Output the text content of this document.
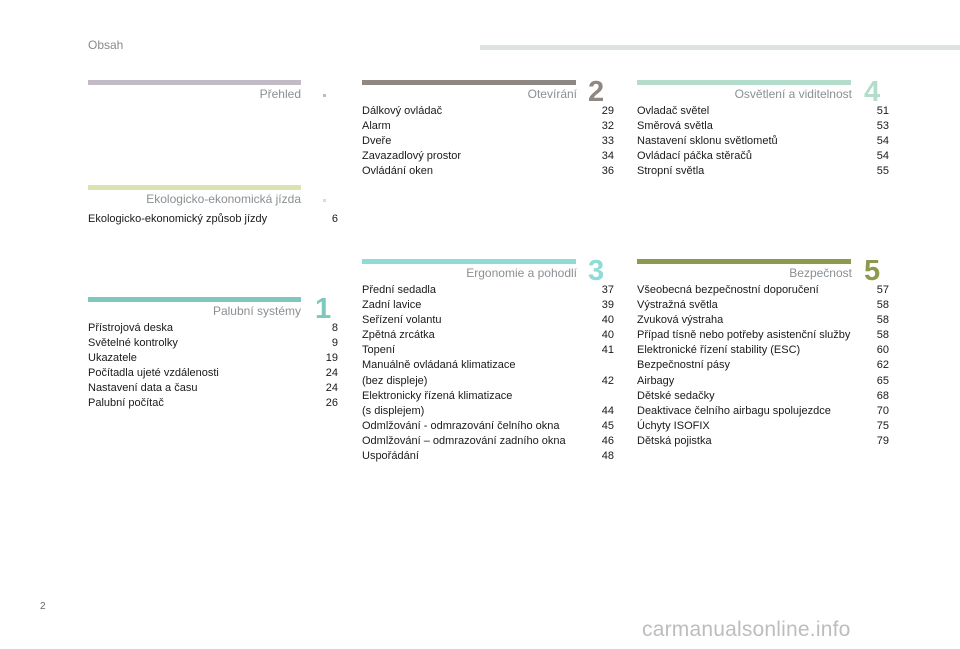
Obsah
Přehled
Ekologicko-ekonomická jízda
Ekologicko-ekonomický způsob jízdy	6
Palubní systémy 1
Přístrojová deska	8
Světelné kontrolky	9
Ukazatele	19
Počítadla ujeté vzdálenosti	24
Nastavení data a času	24
Palubní počítač	26
Otevírání 2
Dálkový ovládač	29
Alarm	32
Dveře	33
Zavazadlový prostor	34
Ovládání oken	36
Ergonomie a pohodlí 3
Přední sedadla	37
Zadní lavice	39
Seřízení volantu	40
Zpětná zrcátka	40
Topení	41
Manuálně ovládaná klimatizace
(bez displeje)	42
Elektronicky řízená klimatizace
(s displejem)	44
Odmlžování - odmrazování čelního okna	45
Odmlžování – odmrazování zadního okna	46
Uspořádání	48
Osvětlení a viditelnost 4
Ovladač světel	51
Směrová světla	53
Nastavení sklonu světlometů	54
Ovládací páčka stěračů	54
Stropní světla	55
Bezpečnost 5
Všeobecná bezpečnostní doporučení	57
Výstražná světla	58
Zvuková výstraha	58
Případ tísně nebo potřeby asistenční služby	58
Elektronické řízení stability (ESC)	60
Bezpečnostní pásy	62
Airbagy	65
Dětské sedačky	68
Deaktivace čelního airbagu spolujezdce	70
Úchyty ISOFIX	75
Dětská pojistka	79
2
carmanualsonline.info
